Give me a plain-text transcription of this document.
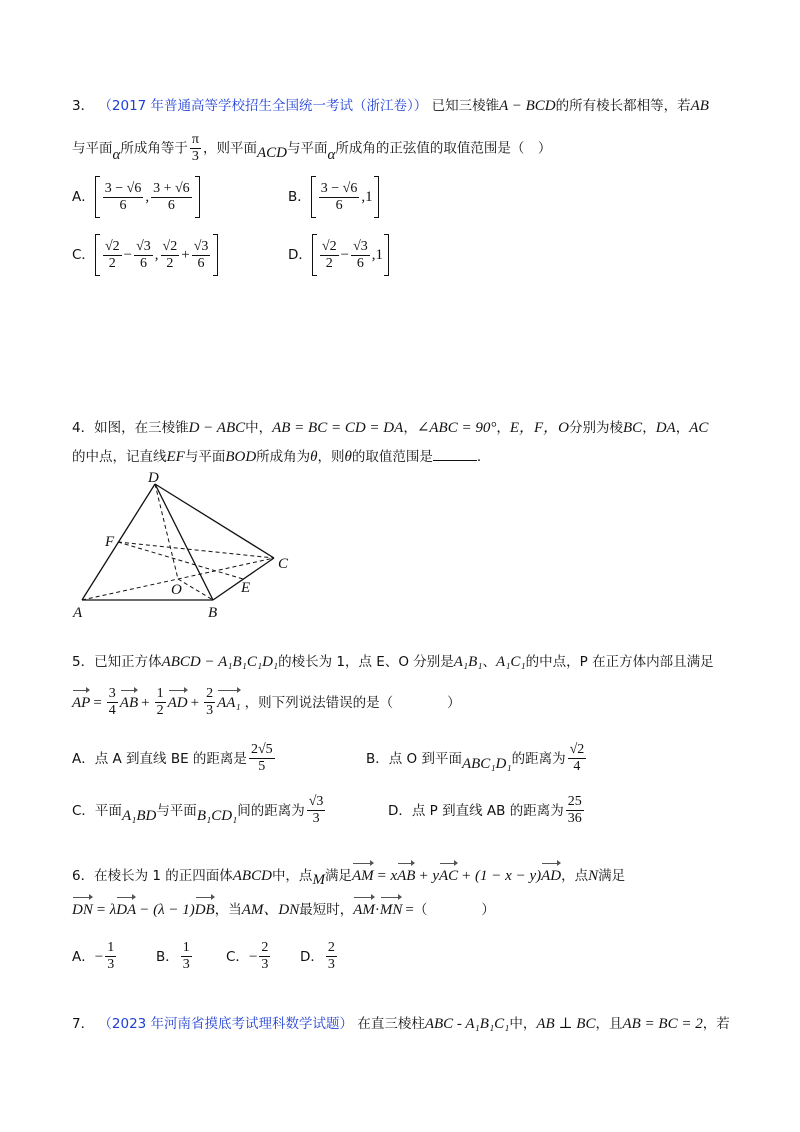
3． （2017 年普通高等学校招生全国统一考试（浙江卷）） 已知三棱锥A − BCD的所有棱长都相等，若AB
与平面α所成角等于 $\frac{\pi}{3}$ ，则平面ACD与平面α所成角的正弦值的取值范围是（　）
A． $\frac{3 - √6}{6}$ , $\frac{3 + √6}{6}$	B． $\frac{3 - √6}{6}$ , 1
C． $\frac{√2}{2} - \frac{√3}{6}$ , $\frac{√2}{2} + \frac{√3}{6}$	D． $\frac{√2}{2} - \frac{√3}{6}$ , 1
4．如图，在三棱锥D − ABC中，AB = BC = CD = DA，∠ABC = 90°，E，F，O分别为棱BC，DA，AC
的中点，记直线EF与平面BOD所成角为θ，则θ的取值范围是	.
D
F
C
O	E
A	B
5．已知正方体ABCD − A₁B₁C₁D₁的棱长为 1，点 E、O 分别是A₁B₁、A₁C₁的中点，P 在正方体内部且满足
AP = $\frac{3}{4}$ AB + $\frac{1}{2}$ AD + $\frac{2}{3} AA_1$ ，则下列说法错误的是（　　　　）
A．点 A 到直线 BE 的距离是 $\frac{2√5}{5}$	B．点 O 到平面 ABC₁D₁ 的距离为 $\frac{√2}{4}$
C．平面 A₁BD 与平面 B₁CD₁ 间的距离为 $\frac{√3}{3}$	D．点 P 到直线 AB 的距离为 $\frac{25}{36}$
6．在棱长为 1 的正四面体ABCD中，点M满足AM = xAB + yAC + (1 − x − y)AD，点N满足
DN = λDA − (λ − 1)DB，当AM、DN最短时，AM·MN =（　　　　）
A． − $\frac{1}{3}$	B． $\frac{1}{3}$	C． − $\frac{2}{3}$ D． $\frac{2}{3}$
7． （2023 年河南省摸底考试理科数学试题） 在直三棱柱ABC - A₁B₁C₁中，AB ⊥ BC，且AB = BC = 2，若
